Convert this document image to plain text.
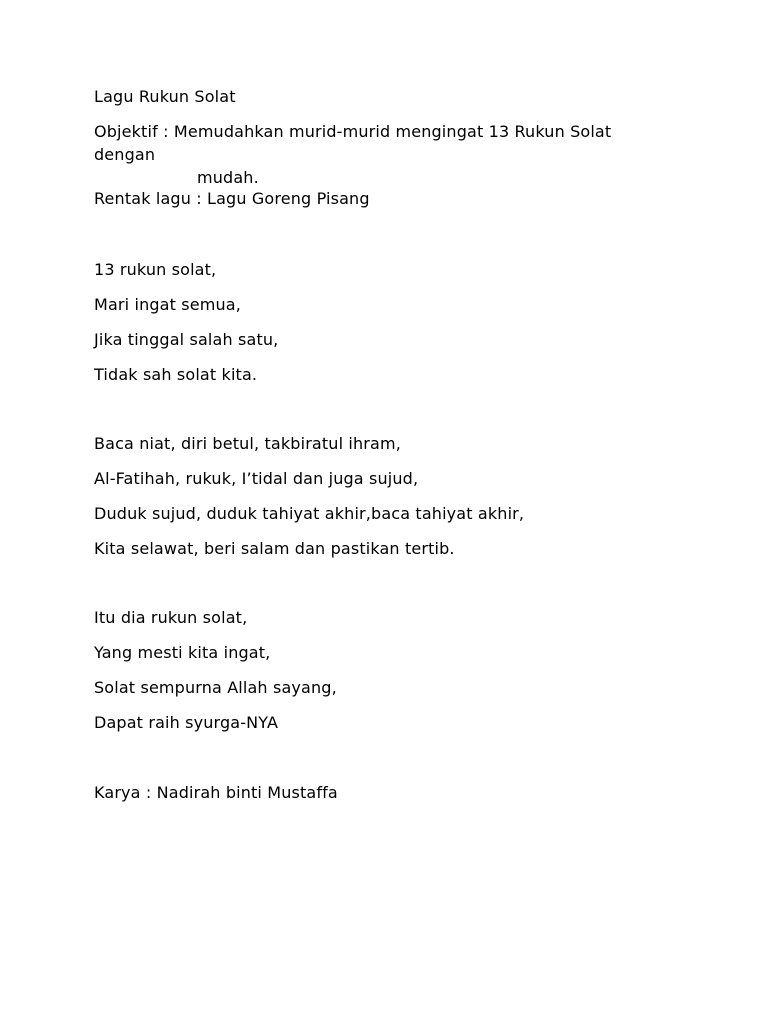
Lagu Rukun Solat
Objektif : Memudahkan murid-murid mengingat 13 Rukun Solat
dengan
mudah.
Rentak lagu : Lagu Goreng Pisang
13 rukun solat,
Mari ingat semua,
Jika tinggal salah satu,
Tidak sah solat kita.
Baca niat, diri betul, takbiratul ihram,
Al-Fatihah, rukuk, I’tidal dan juga sujud,
Duduk sujud, duduk tahiyat akhir,baca tahiyat akhir,
Kita selawat, beri salam dan pastikan tertib.
Itu dia rukun solat,
Yang mesti kita ingat,
Solat sempurna Allah sayang,
Dapat raih syurga-NYA
Karya : Nadirah binti Mustaffa
